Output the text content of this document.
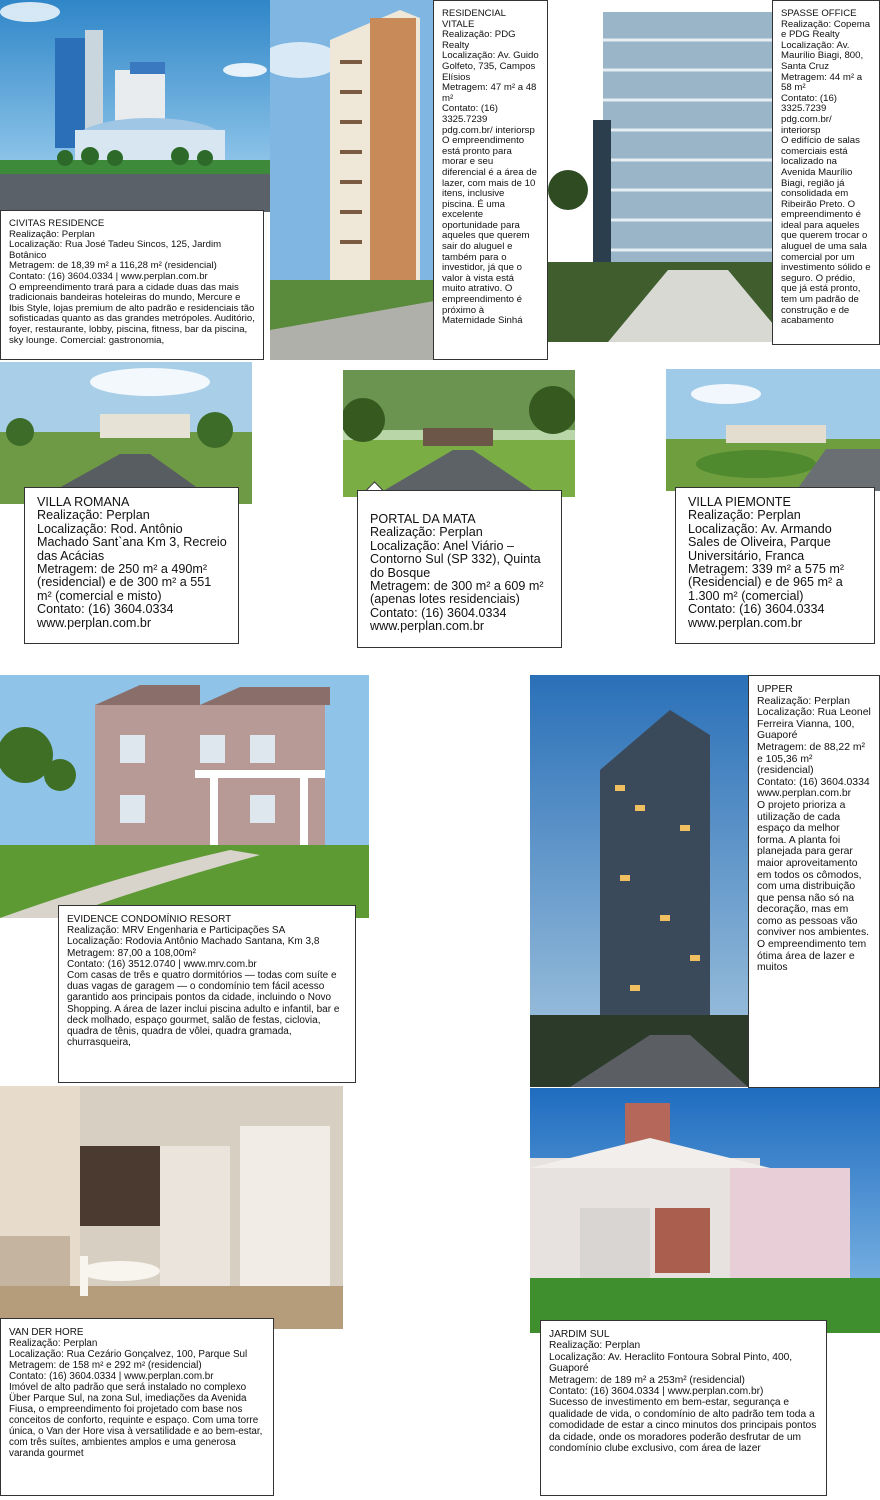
CIVITAS RESIDENCE
Realização: Perplan
Localização: Rua José Tadeu Sincos, 125, Jardim Botânico
Metragem: de 18,39 m² a 116,28 m² (residencial)
Contato: (16) 3604.0334 | www.perplan.com.br
O empreendimento trará para a cidade duas das mais tradicionais bandeiras hoteleiras do mundo, Mercure e Ibis Style, lojas premium de alto padrão e residenciais tão sofisticadas quanto as das grandes metrópoles. Auditório, foyer, restaurante, lobby, piscina, fitness, bar da piscina, sky lounge. Comercial: gastronomia,
RESIDENCIAL VITALE
Realização: PDG Realty
Localização: Av. Guido Golfeto, 735, Campos Elísios
Metragem: 47 m² a 48 m²
Contato: (16) 3325.7239 pdg.com.br/ interiorsp
O empreendimento está pronto para morar e seu diferencial é a área de lazer, com mais de 10 itens, inclusive piscina. É uma excelente oportunidade para aqueles que querem sair do aluguel e também para o investidor, já que o valor à vista está muito atrativo. O empreendimento é próximo à Maternidade Sinhá
SPASSE OFFICE
Realização: Copema e PDG Realty
Localização: Av. Maurílio Biagi, 800, Santa Cruz
Metragem: 44 m² a 58 m²
Contato: (16) 3325.7239 pdg.com.br/ interiorsp
O edifício de salas comerciais está localizado na Avenida Maurílio Biagi, região já consolidada em Ribeirão Preto. O empreendimento é ideal para aqueles que querem trocar o aluguel de uma sala comercial por um investimento sólido e seguro. O prédio, que já está pronto, tem um padrão de construção e de acabamento
VILLA ROMANA
Realização: Perplan
Localização: Rod. Antônio Machado Sant`ana Km 3, Recreio das Acácias
Metragem: de 250 m² a 490m² (residencial) e de 300 m² a 551 m² (comercial e misto)
Contato: (16) 3604.0334
www.perplan.com.br
PORTAL DA MATA
Realização: Perplan
Localização: Anel Viário – Contorno Sul (SP 332), Quinta do Bosque
Metragem: de 300 m² a 609 m² (apenas lotes residenciais)
Contato: (16) 3604.0334
www.perplan.com.br
VILLA PIEMONTE
Realização: Perplan
Localização: Av. Armando Sales de Oliveira, Parque Universitário, Franca
Metragem: 339 m² a 575 m² (Residencial) e de 965 m² a 1.300 m² (comercial)
Contato: (16) 3604.0334
www.perplan.com.br
EVIDENCE CONDOMÍNIO RESORT
Realização: MRV Engenharia e Participações SA
Localização: Rodovia Antônio Machado Santana, Km 3,8
Metragem: 87,00 a 108,00m²
Contato: (16) 3512.0740 | www.mrv.com.br
Com casas de três e quatro dormitórios — todas com suíte e duas vagas de garagem — o condomínio tem fácil acesso garantido aos principais pontos da cidade, incluindo o Novo Shopping. A área de lazer inclui piscina adulto e infantil, bar e deck molhado, espaço gourmet, salão de festas, ciclovia, quadra de tênis, quadra de vôlei, quadra gramada, churrasqueira,
UPPER
Realização: Perplan
Localização: Rua Leonel Ferreira Vianna, 100, Guaporé
Metragem: de 88,22 m² e 105,36 m² (residencial)
Contato: (16) 3604.0334 www.perplan.com.br
O projeto prioriza a utilização de cada espaço da melhor forma. A planta foi planejada para gerar maior aproveitamento em todos os cômodos, com uma distribuição que pensa não só na decoração, mas em como as pessoas vão conviver nos ambientes. O empreendimento tem ótima área de lazer e muitos
VAN DER HORE
Realização: Perplan
Localização: Rua Cezário Gonçalvez, 100, Parque Sul
Metragem: de 158 m² e 292 m² (residencial)
Contato: (16) 3604.0334 | www.perplan.com.br
Imóvel de alto padrão que será instalado no complexo Über Parque Sul, na zona Sul, imediações da Avenida Fiusa, o empreendimento foi projetado com base nos conceitos de conforto, requinte e espaço. Com uma torre única, o Van der Hore visa à versatilidade e ao bem-estar, com três suítes, ambientes amplos e uma generosa varanda gourmet
JARDIM SUL
Realização: Perplan
Localização: Av. Heraclito Fontoura Sobral Pinto, 400, Guaporé
Metragem: de 189 m² a 253m² (residencial)
Contato: (16) 3604.0334 | www.perplan.com.br)
Sucesso de investimento em bem-estar, segurança e qualidade de vida, o condomínio de alto padrão tem toda a comodidade de estar a cinco minutos dos principais pontos da cidade, onde os moradores poderão desfrutar de um condomínio clube exclusivo, com área de lazer
